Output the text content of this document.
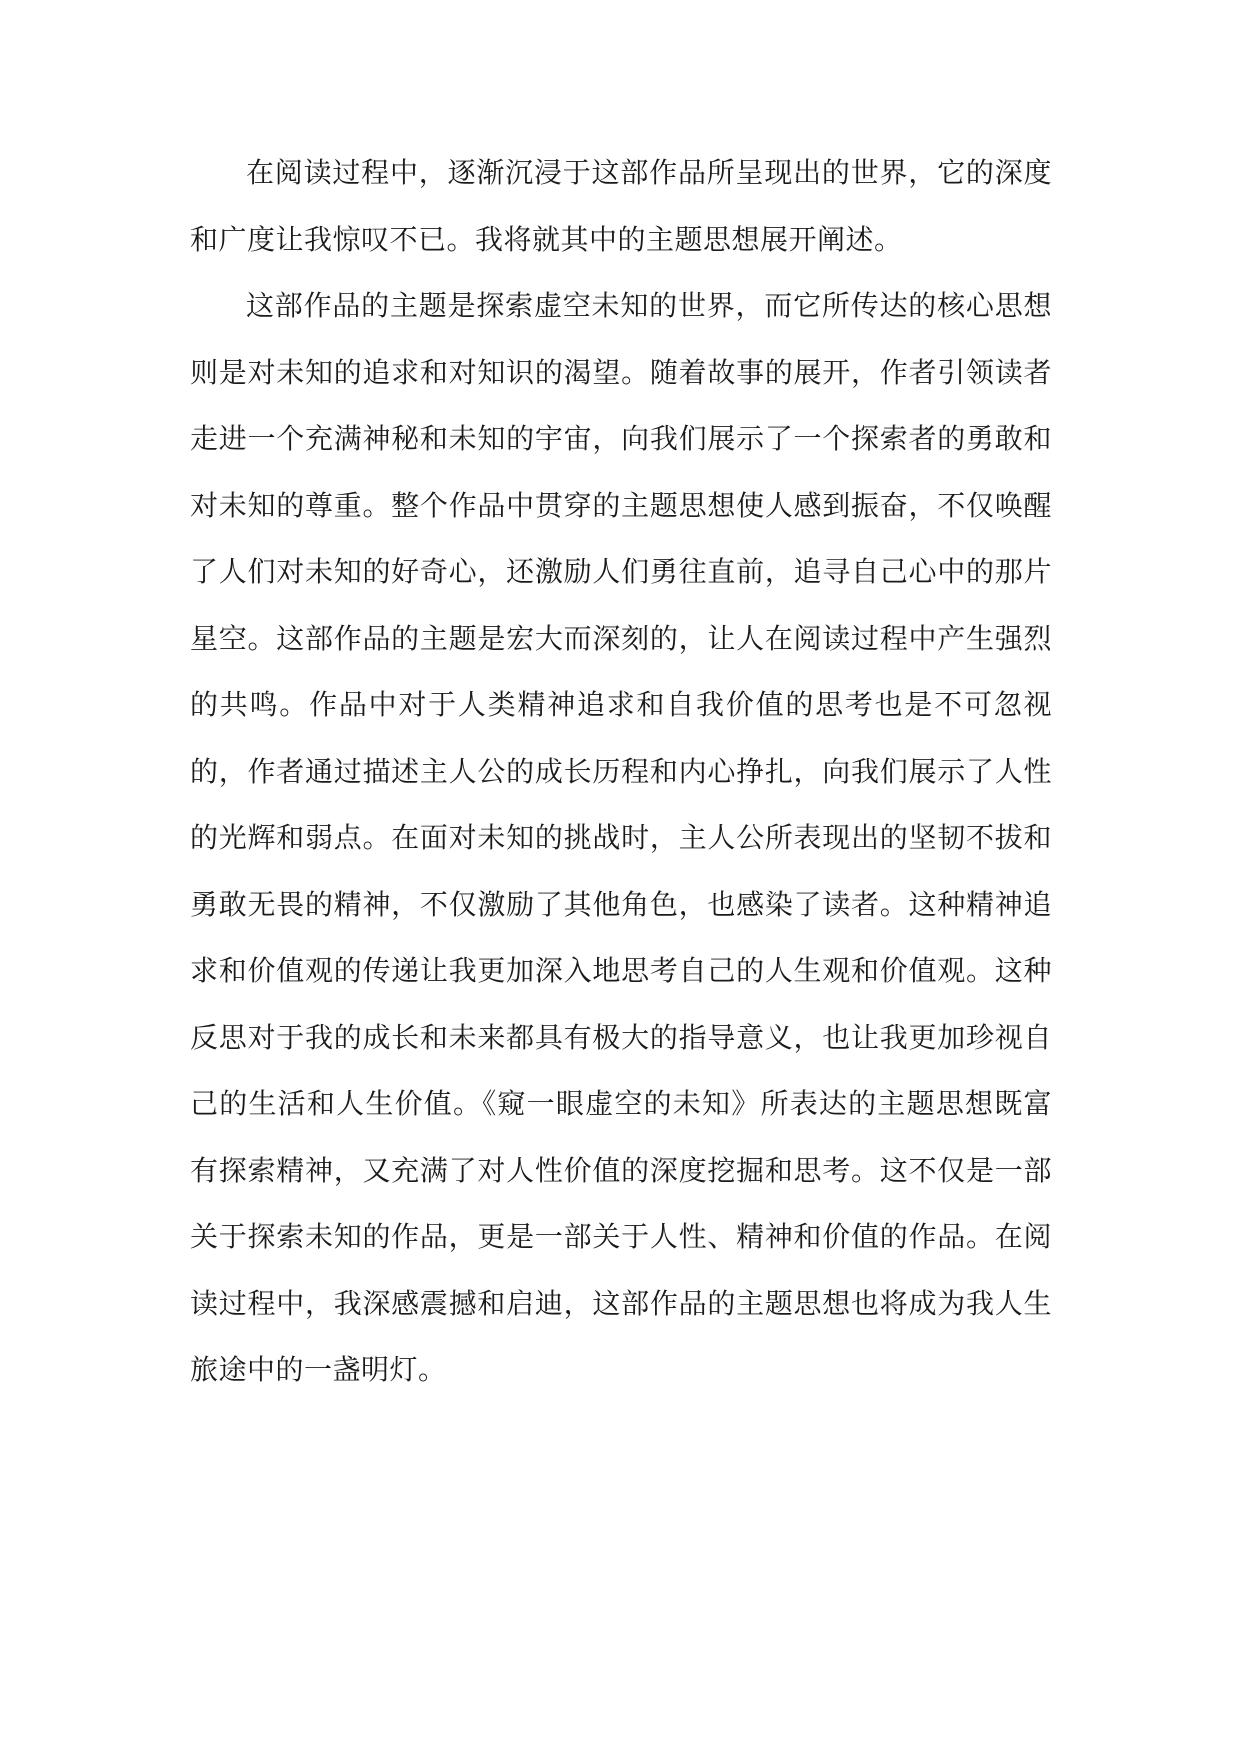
在阅读过程中，逐渐沉浸于这部作品所呈现出的世界，它的深度和广度让我惊叹不已。我将就其中的主题思想展开阐述。

这部作品的主题是探索虚空未知的世界，而它所传达的核心思想则是对未知的追求和对知识的渴望。随着故事的展开，作者引领读者走进一个充满神秘和未知的宇宙，向我们展示了一个探索者的勇敢和对未知的尊重。整个作品中贯穿的主题思想使人感到振奋，不仅唤醒了人们对未知的好奇心，还激励人们勇往直前，追寻自己心中的那片星空。这部作品的主题是宏大而深刻的，让人在阅读过程中产生强烈的共鸣。作品中对于人类精神追求和自我价值的思考也是不可忽视的，作者通过描述主人公的成长历程和内心挣扎，向我们展示了人性的光辉和弱点。在面对未知的挑战时，主人公所表现出的坚韧不拔和勇敢无畏的精神，不仅激励了其他角色，也感染了读者。这种精神追求和价值观的传递让我更加深入地思考自己的人生观和价值观。这种反思对于我的成长和未来都具有极大的指导意义，也让我更加珍视自己的生活和人生价值。《窥一眼虚空的未知》所表达的主题思想既富有探索精神，又充满了对人性价值的深度挖掘和思考。这不仅是一部关于探索未知的作品，更是一部关于人性、精神和价值的作品。在阅读过程中，我深感震撼和启迪，这部作品的主题思想也将成为我人生旅途中的一盏明灯。
